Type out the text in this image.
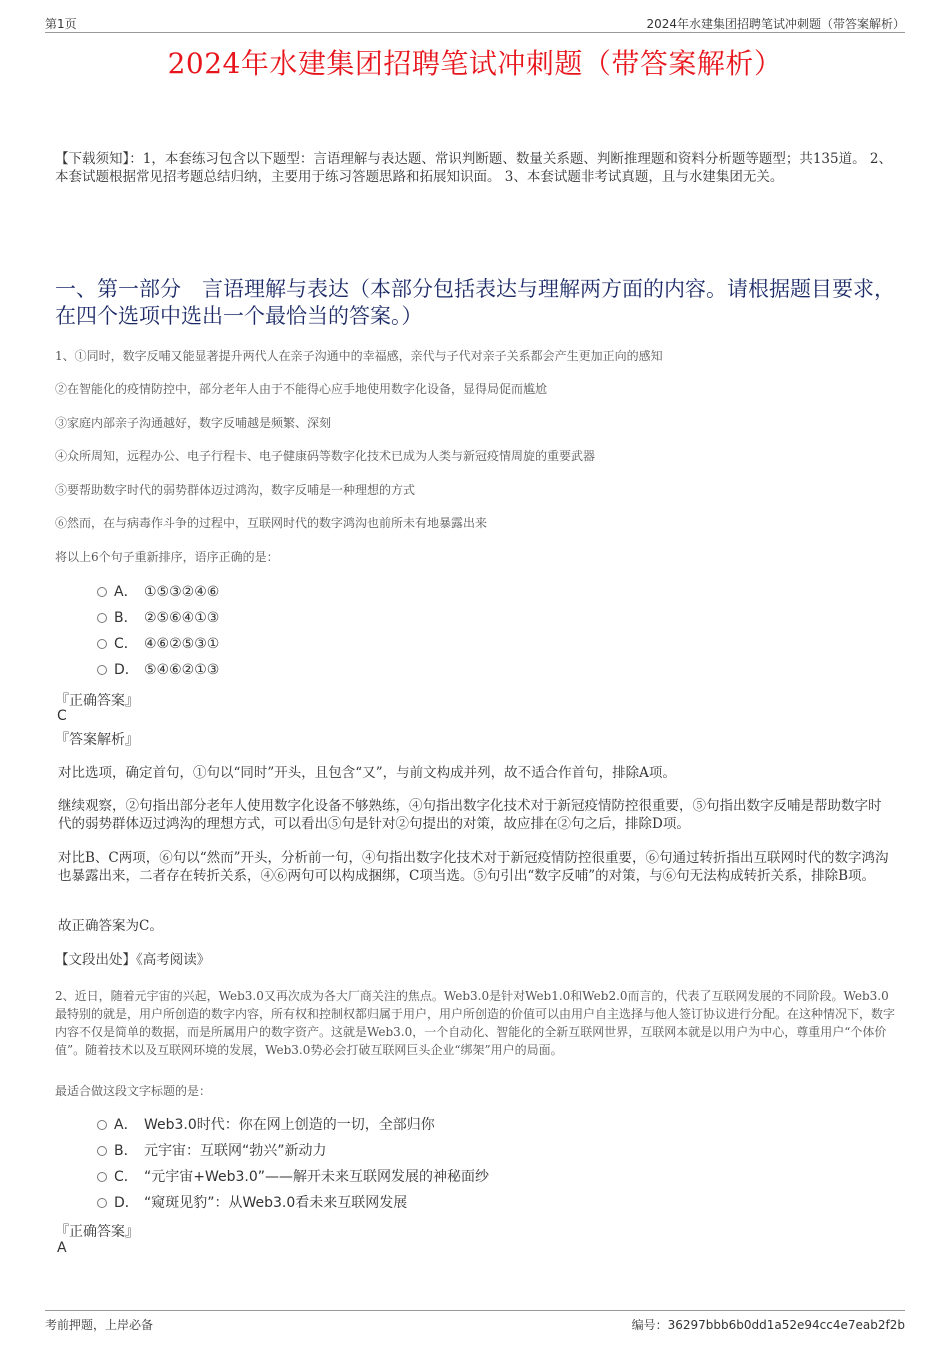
第1页	2024年水建集团招聘笔试冲刺题（带答案解析）
2024年水建集团招聘笔试冲刺题（带答案解析）
【下载须知】：1，本套练习包含以下题型：言语理解与表达题、常识判断题、数量关系题、判断推理题和资料分析题等题型；共135道。 2、本套试题根据常见招考题总结归纳，主要用于练习答题思路和拓展知识面。 3、本套试题非考试真题，且与水建集团无关。
一、第一部分　言语理解与表达（本部分包括表达与理解两方面的内容。请根据题目要求，在四个选项中选出一个最恰当的答案。）
1、①同时，数字反哺又能显著提升两代人在亲子沟通中的幸福感，亲代与子代对亲子关系都会产生更加正向的感知
②在智能化的疫情防控中，部分老年人由于不能得心应手地使用数字化设备，显得局促而尴尬
③家庭内部亲子沟通越好，数字反哺越是频繁、深刻
④众所周知，远程办公、电子行程卡、电子健康码等数字化技术已成为人类与新冠疫情周旋的重要武器
⑤要帮助数字时代的弱势群体迈过鸿沟，数字反哺是一种理想的方式
⑥然而，在与病毒作斗争的过程中，互联网时代的数字鸿沟也前所未有地暴露出来
将以上6个句子重新排序，语序正确的是：
A． ①⑤③②④⑥
B． ②⑤⑥④①③
C． ④⑥②⑤③①
D． ⑤④⑥②①③
『正确答案』
C
『答案解析』
对比选项，确定首句，①句以“同时”开头，且包含“又”，与前文构成并列，故不适合作首句，排除A项。
继续观察，②句指出部分老年人使用数字化设备不够熟练，④句指出数字化技术对于新冠疫情防控很重要，⑤句指出数字反哺是帮助数字时代的弱势群体迈过鸿沟的理想方式，可以看出⑤句是针对②句提出的对策，故应排在②句之后，排除D项。
对比B、C两项，⑥句以“然而”开头，分析前一句，④句指出数字化技术对于新冠疫情防控很重要，⑥句通过转折指出互联网时代的数字鸿沟也暴露出来，二者存在转折关系，④⑥两句可以构成捆绑，C项当选。⑤句引出“数字反哺”的对策，与⑥句无法构成转折关系，排除B项。
故正确答案为C。
【文段出处】《高考阅读》
2、近日，随着元宇宙的兴起，Web3.0又再次成为各大厂商关注的焦点。Web3.0是针对Web1.0和Web2.0而言的，代表了互联网发展的不同阶段。Web3.0最特别的就是，用户所创造的数字内容，所有权和控制权都归属于用户，用户所创造的价值可以由用户自主选择与他人签订协议进行分配。在这种情况下，数字内容不仅是简单的数据，而是所属用户的数字资产。这就是Web3.0，一个自动化、智能化的全新互联网世界，互联网本就是以用户为中心，尊重用户“个体价值”。随着技术以及互联网环境的发展，Web3.0势必会打破互联网巨头企业“绑架”用户的局面。
最适合做这段文字标题的是：
A． Web3.0时代：你在网上创造的一切，全部归你
B． 元宇宙：互联网“勃兴”新动力
C． “元宇宙+Web3.0”——解开未来互联网发展的神秘面纱
D． “窥斑见豹”：从Web3.0看未来互联网发展
『正确答案』
A
考前押题，上岸必备	编号：36297bbb6b0dd1a52e94cc4e7eab2f2b
